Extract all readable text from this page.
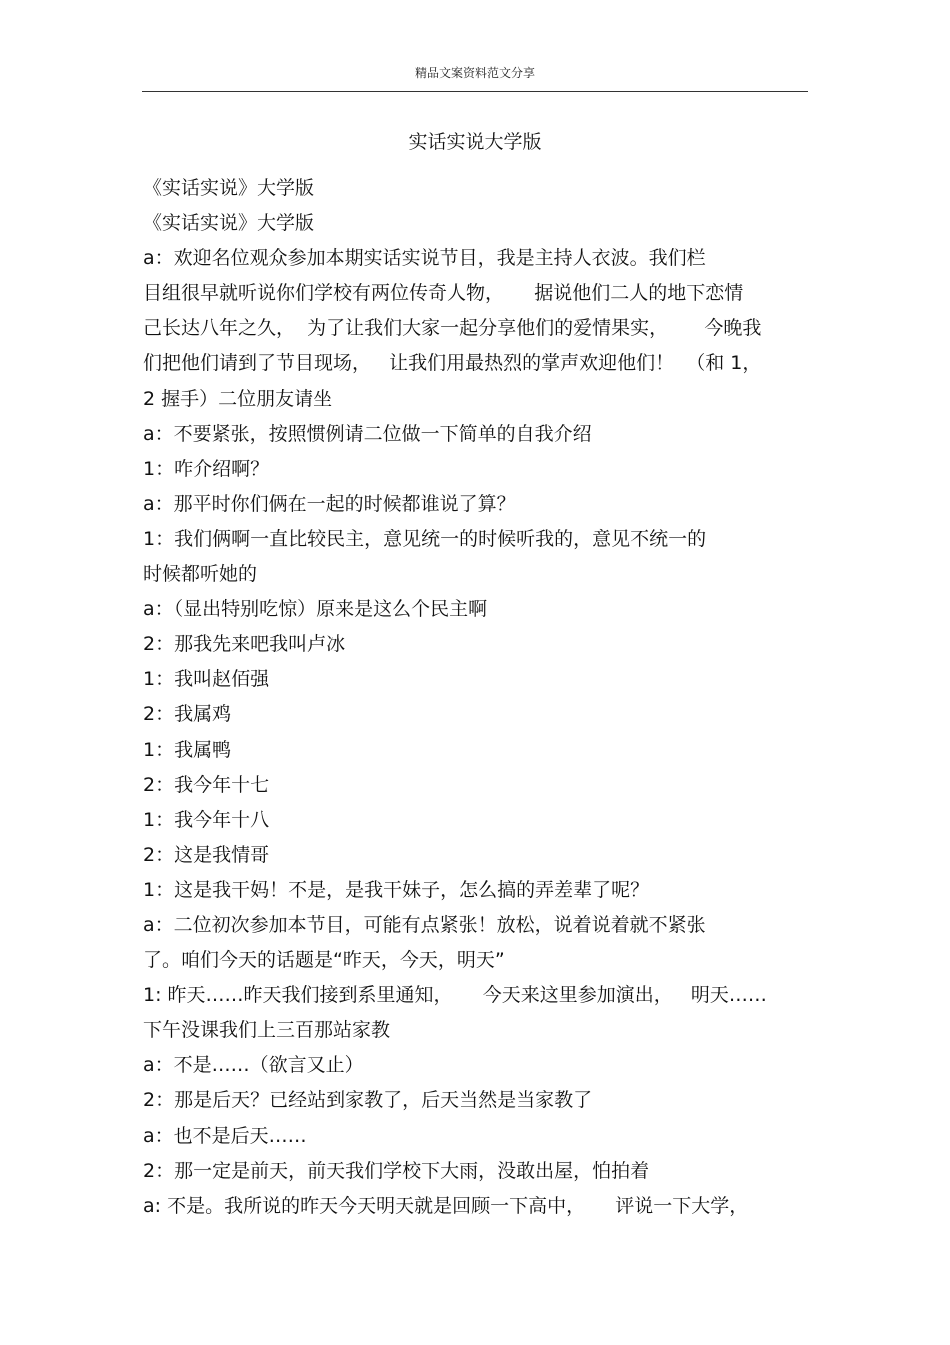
精品文案资料范文分享
实话实说大学版
《实话实说》大学版
《实话实说》大学版
a：欢迎名位观众参加本期实话实说节目，我是主持人衣波。我们栏
目组很早就听说你们学校有两位传奇人物，     据说他们二人的地下恋情
己长达八年之久，  为了让我们大家一起分享他们的爱情果实，      今晚我
们把他们请到了节目现场，   让我们用最热烈的掌声欢迎他们！  （和 1，
2 握手）二位朋友请坐
a：不要紧张，按照惯例请二位做一下简单的自我介绍
1：咋介绍啊？
a：那平时你们俩在一起的时候都谁说了算？
1：我们俩啊一直比较民主，意见统一的时候听我的，意见不统一的
时候都听她的
a：（显出特别吃惊）原来是这么个民主啊
2：那我先来吧我叫卢冰
1：我叫赵佰强
2：我属鸡
1：我属鸭
2：我今年十七
1：我今年十八
2：这是我情哥
1：这是我干妈！不是，是我干妹子，怎么搞的弄差辈了呢？
a：二位初次参加本节目，可能有点紧张！放松，说着说着就不紧张
了。咱们今天的话题是“昨天，今天，明天”
1: 昨天……昨天我们接到系里通知，     今天来这里参加演出，   明天……
下午没课我们上三百那站家教
a：不是……（欲言又止）
2：那是后天？已经站到家教了，后天当然是当家教了
a：也不是后天……
2：那一定是前天，前天我们学校下大雨，没敢出屋，怕拍着
a: 不是。我所说的昨天今天明天就是回顾一下高中，     评说一下大学，
